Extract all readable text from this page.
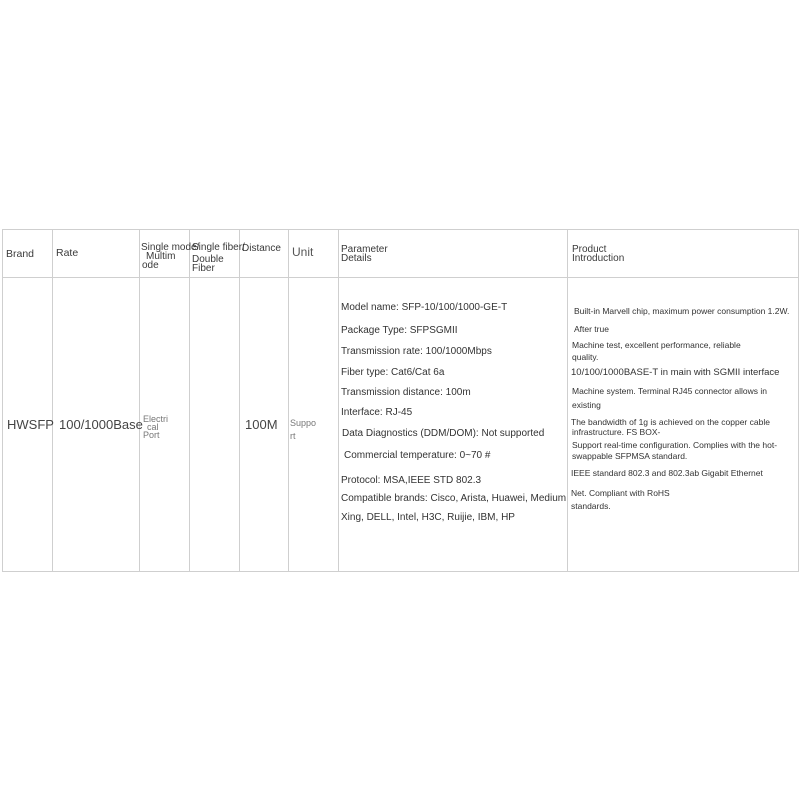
Brand Rate	Single mode/
Multim
ode
Single fiber/
Double
Fiber
Distance Unit	Parameter
Details
Product
Introduction
HWSFP 100/1000Base Electri
cal
Port
100M Suppo
rt
Model name: SFP-10/100/1000-GE-T
Package Type: SFPSGMII
Transmission rate: 100/1000Mbps
Fiber type: Cat6/Cat 6a
Transmission distance: 100m
Interface: RJ-45
Data Diagnostics (DDM/DOM): Not supported
Commercial temperature: 0~70 #
Protocol: MSA,IEEE STD 802.3
Compatible brands: Cisco, Arista, Huawei, Medium
Xing, DELL, Intel, H3C, Ruijie, IBM, HP
Built-in Marvell chip, maximum power consumption 1.2W.
After true
Machine test, excellent performance, reliable
quality.
10/100/1000BASE-T in main with SGMII interface
Machine system. Terminal RJ45 connector allows in
existing
The bandwidth of 1g is achieved on the copper cable
infrastructure. FS BOX-
Support real-time configuration. Complies with the hot-
swappable SFPMSA standard.
IEEE standard 802.3 and 802.3ab Gigabit Ethernet
Net. Compliant with RoHS
standards.
